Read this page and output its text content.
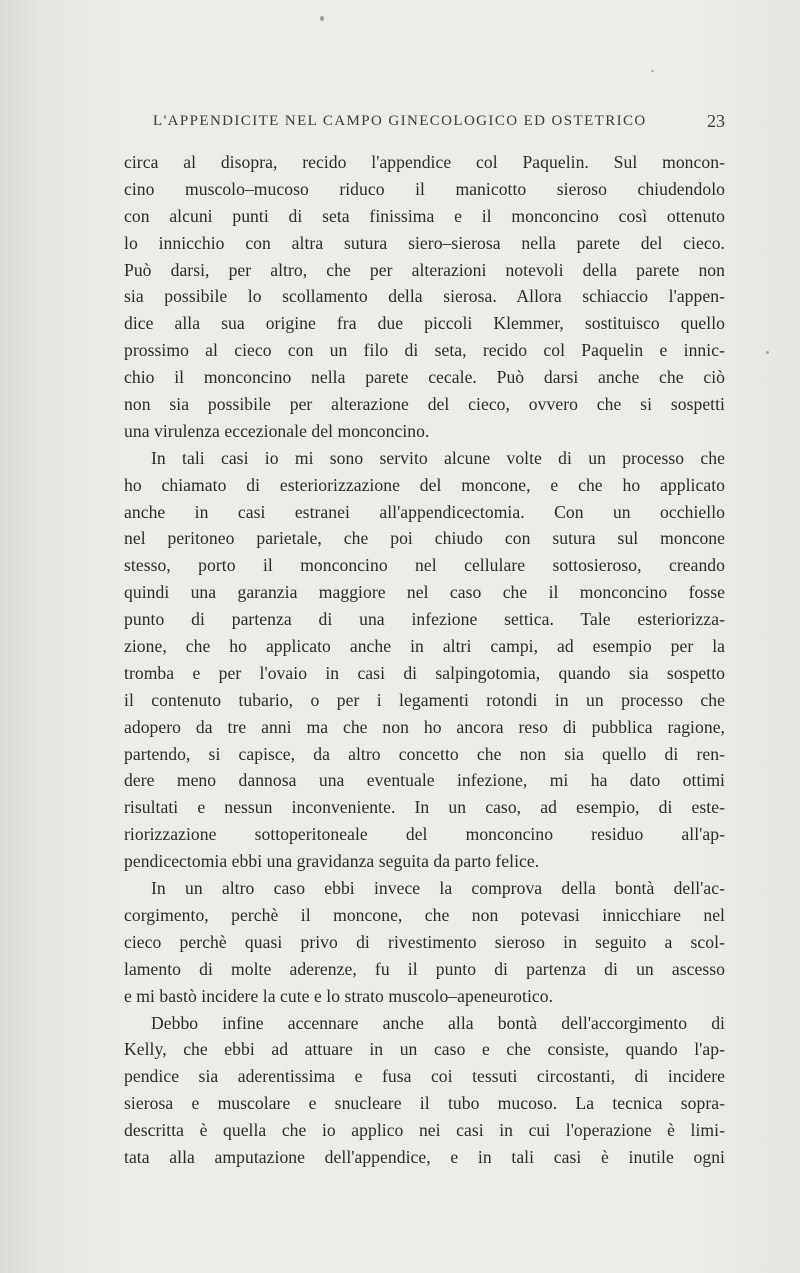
L'APPENDICITE NEL CAMPO GINECOLOGICO ED OSTETRICO	23
circa al disopra, recido l'appendice col Paquelin. Sul moncon-
cino muscolo–mucoso riduco il manicotto sieroso chiudendolo
con alcuni punti di seta finissima e il monconcino così ottenuto
lo innicchio con altra sutura siero–sierosa nella parete del cieco.
Può darsi, per altro, che per alterazioni notevoli della parete non
sia possibile lo scollamento della sierosa. Allora schiaccio l'appen-
dice alla sua origine fra due piccoli Klemmer, sostituisco quello
prossimo al cieco con un filo di seta, recido col Paquelin e innic-
chio il monconcino nella parete cecale. Può darsi anche che ciò
non sia possibile per alterazione del cieco, ovvero che si sospetti
una virulenza eccezionale del monconcino.
In tali casi io mi sono servito alcune volte di un processo che
ho chiamato di esteriorizzazione del moncone, e che ho applicato
anche in casi estranei all'appendicectomia. Con un occhiello
nel peritoneo parietale, che poi chiudo con sutura sul moncone
stesso, porto il monconcino nel cellulare sottosieroso, creando
quindi una garanzia maggiore nel caso che il monconcino fosse
punto di partenza di una infezione settica. Tale esteriorizza-
zione, che ho applicato anche in altri campi, ad esempio per la
tromba e per l'ovaio in casi di salpingotomia, quando sia sospetto
il contenuto tubario, o per i legamenti rotondi in un processo che
adopero da tre anni ma che non ho ancora reso di pubblica ragione,
partendo, si capisce, da altro concetto che non sia quello di ren-
dere meno dannosa una eventuale infezione, mi ha dato ottimi
risultati e nessun inconveniente. In un caso, ad esempio, di este-
riorizzazione sottoperitoneale del monconcino residuo all'ap-
pendicectomia ebbi una gravidanza seguita da parto felice.
In un altro caso ebbi invece la comprova della bontà dell'ac-
corgimento, perchè il moncone, che non potevasi innicchiare nel
cieco perchè quasi privo di rivestimento sieroso in seguito a scol-
lamento di molte aderenze, fu il punto di partenza di un ascesso
e mi bastò incidere la cute e lo strato muscolo–apeneurotico.
Debbo infine accennare anche alla bontà dell'accorgimento di
Kelly, che ebbi ad attuare in un caso e che consiste, quando l'ap-
pendice sia aderentissima e fusa coi tessuti circostanti, di incidere
sierosa e muscolare e snucleare il tubo mucoso. La tecnica sopra-
descritta è quella che io applico nei casi in cui l'operazione è limi-
tata alla amputazione dell'appendice, e in tali casi è inutile ogni
